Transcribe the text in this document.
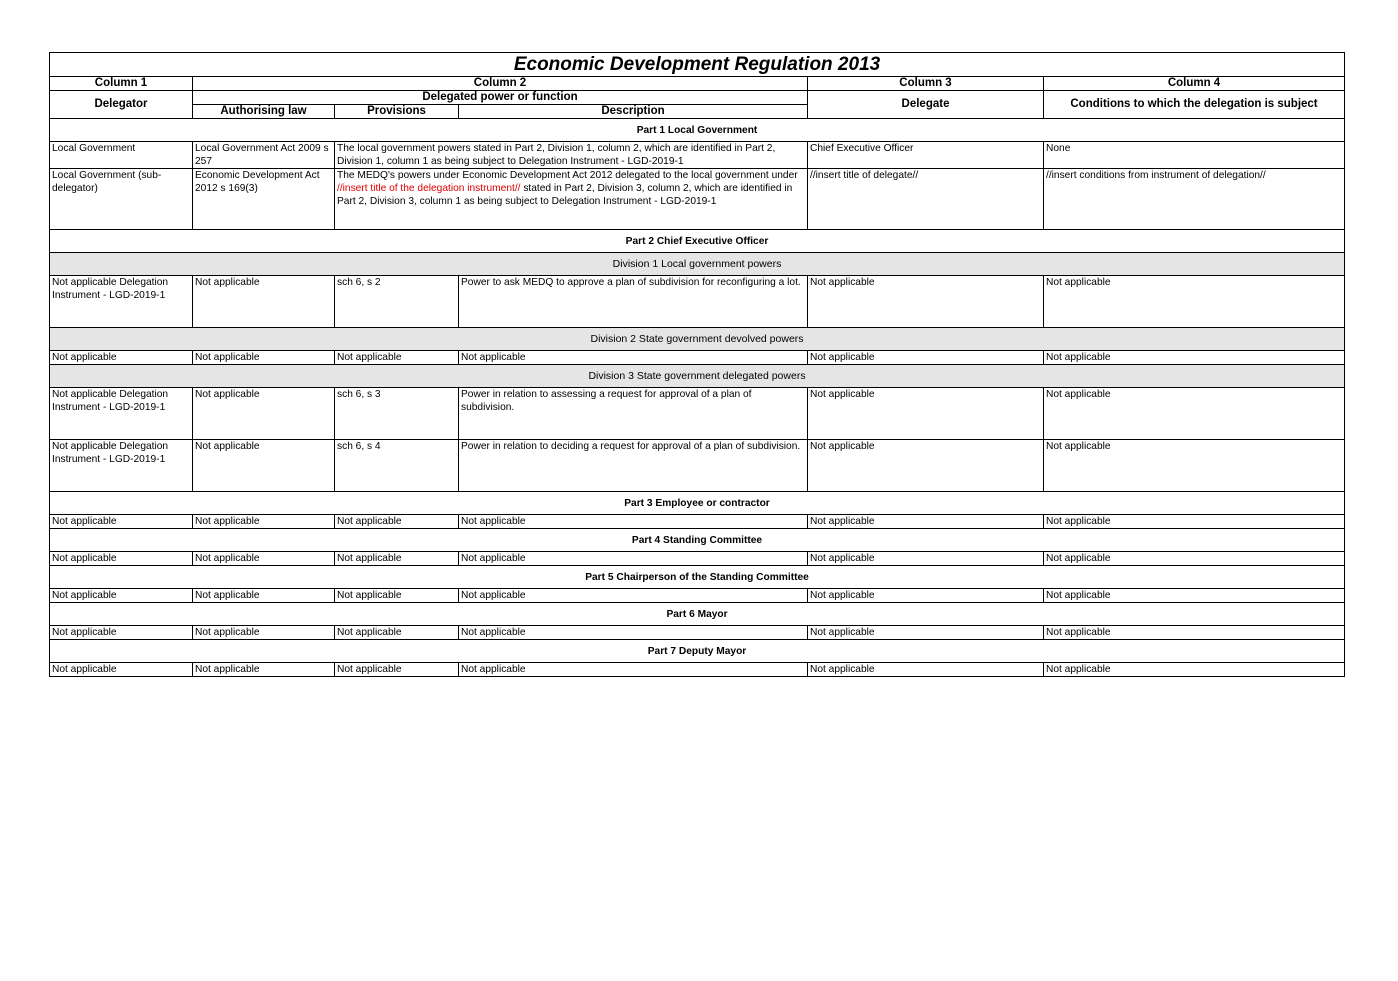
Economic Development Regulation 2013					
Column 1	Column 2			Column 3	Column 4
Delegator	Delegated power or function			Delegate	Conditions to which the delegation is subject
	Authorising law	Provisions	Description		
Part 1 Local Government					
Local Government	Local Government Act 2009 s 257	The local government powers stated in Part 2, Division 1, column 2, which are identified in Part 2, Division 1, column 1 as being subject to Delegation Instrument - LGD-2019-1		Chief Executive Officer	None
Local Government (sub-delegator)	Economic Development Act 2012 s 169(3)	The MEDQ's powers under Economic Development Act 2012 delegated to the local government under //insert title of the delegation instrument// stated in Part 2, Division 3, column 2, which are identified in Part 2, Division 3, column 1 as being subject to Delegation Instrument - LGD-2019-1		//insert title of delegate//	//insert conditions from instrument of delegation//
Part 2 Chief Executive Officer					
Division 1 Local government powers					
Not applicable Delegation Instrument - LGD-2019-1	Not applicable	sch 6, s 2	Power to ask MEDQ to approve a plan of subdivision for reconfiguring a lot.	Not applicable	Not applicable
Division 2 State government devolved powers					
Not applicable	Not applicable	Not applicable	Not applicable	Not applicable	Not applicable
Division 3 State government delegated powers					
Not applicable Delegation Instrument - LGD-2019-1	Not applicable	sch 6, s 3	Power in relation to assessing a request for approval of a plan of subdivision.	Not applicable	Not applicable
Not applicable Delegation Instrument - LGD-2019-1	Not applicable	sch 6, s 4	Power in relation to deciding a request for approval of a plan of subdivision.	Not applicable	Not applicable
Part 3 Employee or contractor					
Not applicable	Not applicable	Not applicable	Not applicable	Not applicable	Not applicable
Part 4 Standing Committee					
Not applicable	Not applicable	Not applicable	Not applicable	Not applicable	Not applicable
Part 5 Chairperson of the Standing Committee					
Not applicable	Not applicable	Not applicable	Not applicable	Not applicable	Not applicable
Part 6 Mayor					
Not applicable	Not applicable	Not applicable	Not applicable	Not applicable	Not applicable
Part 7 Deputy Mayor					
Not applicable	Not applicable	Not applicable	Not applicable	Not applicable	Not applicable
